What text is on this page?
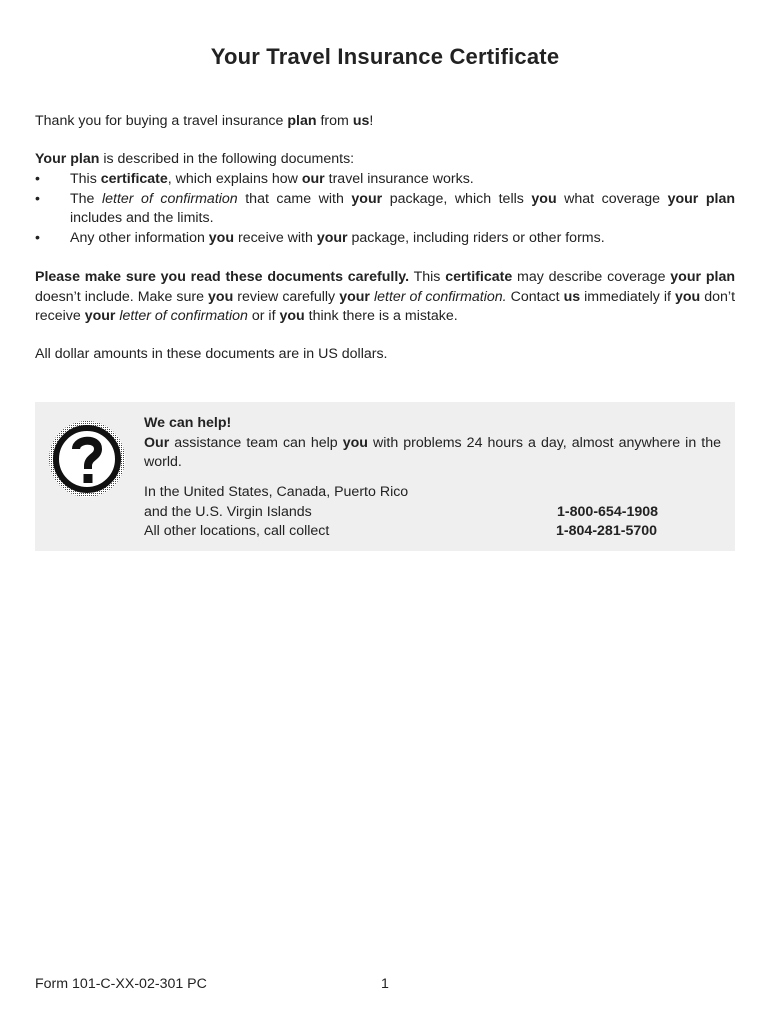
Your Travel Insurance Certificate

Thank you for buying a travel insurance plan from us!

Your plan is described in the following documents:

• This certificate, which explains how our travel insurance works.
• The letter of confirmation that came with your package, which tells you what coverage your plan includes and the limits.
• Any other information you receive with your package, including riders or other forms.

Please make sure you read these documents carefully. This certificate may describe coverage your plan doesn’t include. Make sure you review carefully your letter of confirmation. Contact us immediately if you don’t receive your letter of confirmation or if you think there is a mistake.

All dollar amounts in these documents are in US dollars.

We can help!

Our assistance team can help you with problems 24 hours a day, almost anywhere in the world.

In the United States, Canada, Puerto Rico
and the U.S. Virgin Islands	1-800-654-1908
All other locations, call collect	1-804-281-5700
Form 101-C-XX-02-301 PC	1
